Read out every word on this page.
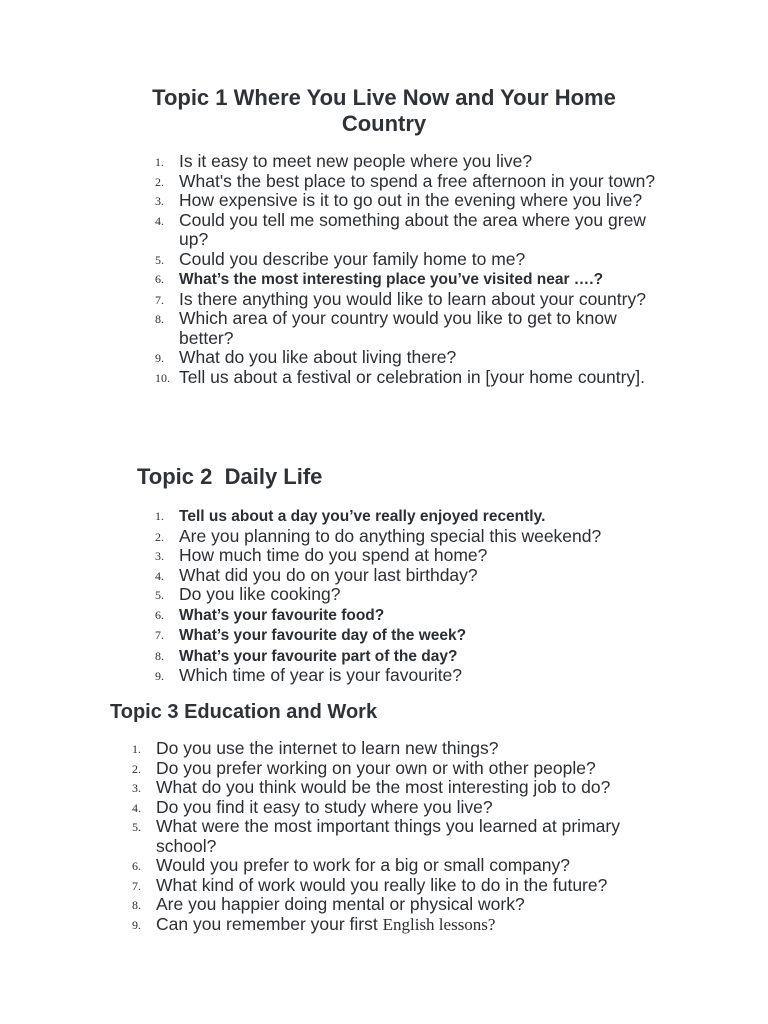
Topic 1 Where You Live Now and Your Home Country
1. Is it easy to meet new people where you live?
2. What's the best place to spend a free afternoon in your town?
3. How expensive is it to go out in the evening where you live?
4. Could you tell me something about the area where you grew up?
5. Could you describe your family home to me?
6. What’s the most interesting place you’ve visited near ….?
7. Is there anything you would like to learn about your country?
8. Which area of your country would you like to get to know better?
9. What do you like about living there?
10. Tell us about a festival or celebration in [your home country].
Topic 2  Daily Life
1. Tell us about a day you’ve really enjoyed recently.
2. Are you planning to do anything special this weekend?
3. How much time do you spend at home?
4. What did you do on your last birthday?
5. Do you like cooking?
6. What’s your favourite food?
7. What’s your favourite day of the week?
8. What’s your favourite part of the day?
9. Which time of year is your favourite?
Topic 3 Education and Work
1. Do you use the internet to learn new things?
2. Do you prefer working on your own or with other people?
3. What do you think would be the most interesting job to do?
4. Do you find it easy to study where you live?
5. What were the most important things you learned at primary school?
6. Would you prefer to work for a big or small company?
7. What kind of work would you really like to do in the future?
8. Are you happier doing mental or physical work?
9. Can you remember your first English lessons?
